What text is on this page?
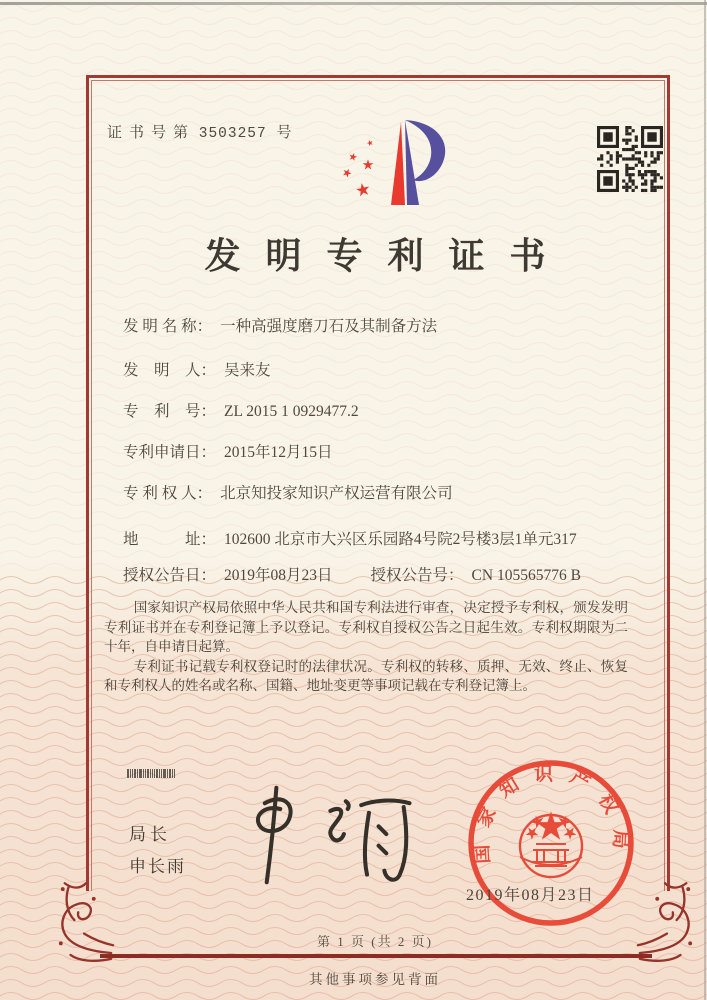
证书号第 3503257 号
发明专利证书
发 明 名 称： 一种高强度磨刀石及其制备方法
发　明　人： 吴来友
专　利　号： ZL 2015 1 0929477.2
专利申请日： 2015年12月15日
专 利 权 人： 北京知投家知识产权运营有限公司
地　　　址： 102600 北京市大兴区乐园路4号院2号楼3层1单元317
授权公告日： 2019年08月23日 授权公告号： CN 105565776 B

国家知识产权局依照中华人民共和国专利法进行审查，决定授予专利权，颁发发明专利证书并在专利登记簿上予以登记。专利权自授权公告之日起生效。专利权期限为二十年，自申请日起算。

专利证书记载专利权登记时的法律状况。专利权的转移、质押、无效、终止、恢复和专利权人的姓名或名称、国籍、地址变更等事项记载在专利登记簿上。

局长
申长雨
国家知识产权局
2019年08月23日
第 1 页 (共 2 页)
其他事项参见背面
